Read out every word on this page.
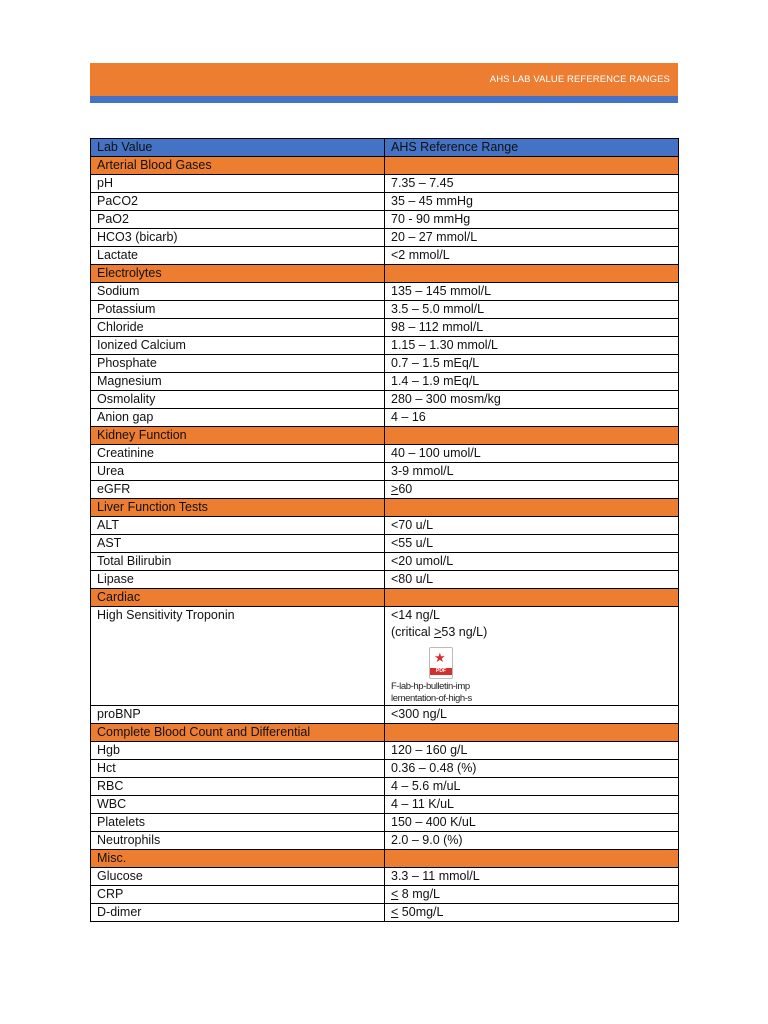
AHS LAB VALUE REFERENCE RANGES
Lab Value	AHS Reference Range
Arterial Blood Gases	
pH	7.35 – 7.45
PaCO2	35 – 45 mmHg
PaO2	70 - 90 mmHg
HCO3 (bicarb)	20 – 27 mmol/L
Lactate	<2 mmol/L
Electrolytes	
Sodium	135 – 145 mmol/L
Potassium	3.5 – 5.0 mmol/L
Chloride	98 – 112 mmol/L
Ionized Calcium	1.15 – 1.30 mmol/L
Phosphate	0.7 – 1.5 mEq/L
Magnesium	1.4 – 1.9 mEq/L
Osmolality	280 – 300 mosm/kg
Anion gap	4 – 16
Kidney Function	
Creatinine	40 – 100 umol/L
Urea	3-9 mmol/L
eGFR	>60
Liver Function Tests	
ALT	<70 u/L
AST	<55 u/L
Total Bilirubin	<20 umol/L
Lipase	<80 u/L
Cardiac	
High Sensitivity Troponin	<14 ng/L
(critical >53 ng/L)
★
PDF
F-lab-hp-bulletin-imp lementation-of-high-s

proBNP	<300 ng/L
Complete Blood Count and Differential	
Hgb	120 – 160 g/L
Hct	0.36 – 0.48 (%)
RBC	4 – 5.6 m/uL
WBC	4 – 11 K/uL
Platelets	150 – 400 K/uL
Neutrophils	2.0 – 9.0 (%)
Misc.	
Glucose	3.3 – 11 mmol/L
CRP	< 8 mg/L
D-dimer	< 50mg/L
